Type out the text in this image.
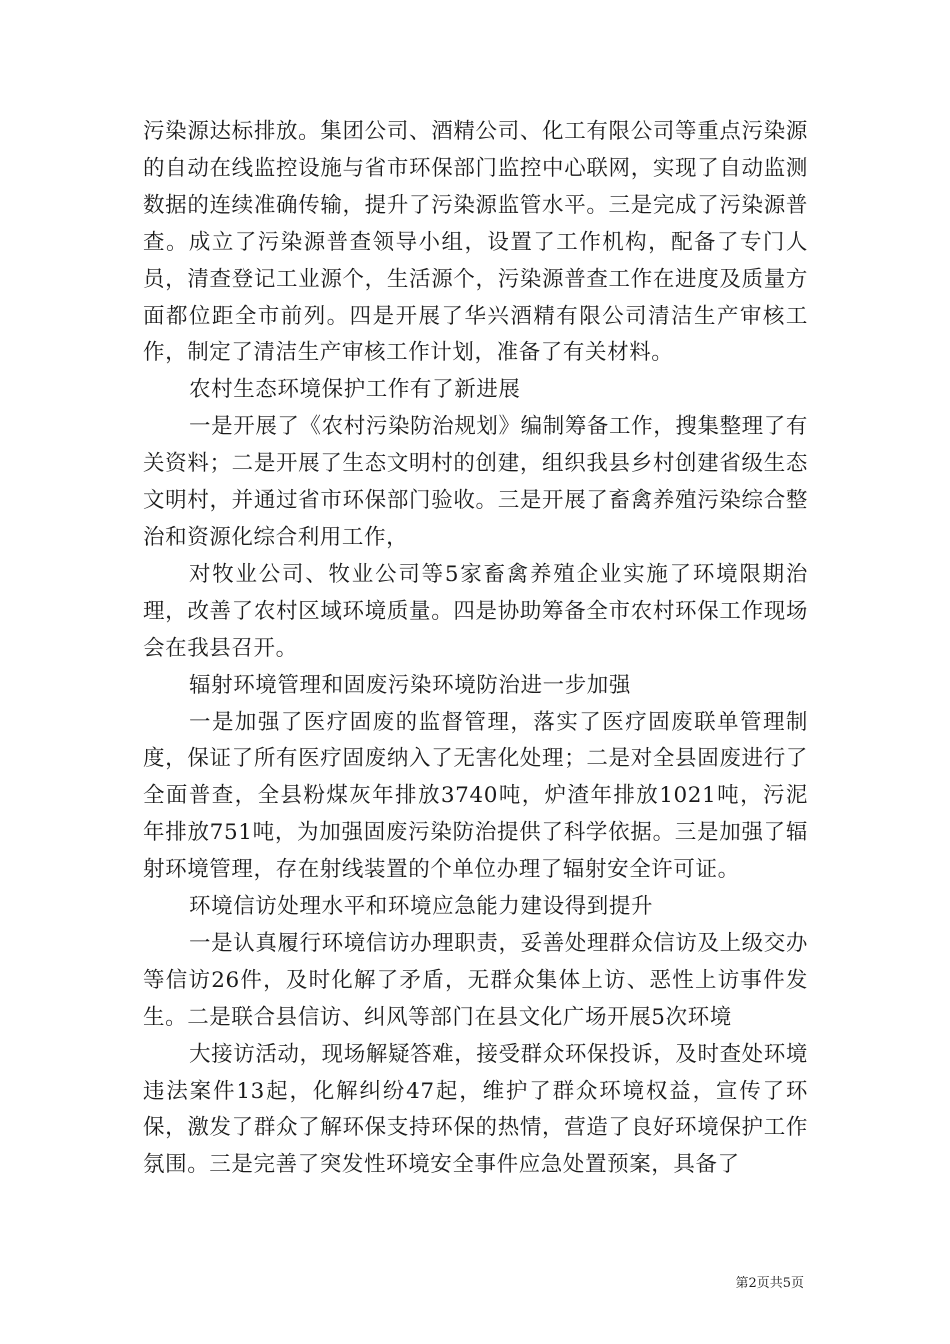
污染源达标排放。集团公司、酒精公司、化工有限公司等重点污染源的自动在线监控设施与省市环保部门监控中心联网，实现了自动监测数据的连续准确传输，提升了污染源监管水平。三是完成了污染源普查。成立了污染源普查领导小组，设置了工作机构，配备了专门人员，清查登记工业源个，生活源个，污染源普查工作在进度及质量方面都位距全市前列。四是开展了华兴酒精有限公司清洁生产审核工作，制定了清洁生产审核工作计划，准备了有关材料。

农村生态环境保护工作有了新进展

一是开展了《农村污染防治规划》编制筹备工作，搜集整理了有关资料；二是开展了生态文明村的创建，组织我县乡村创建省级生态文明村，并通过省市环保部门验收。三是开展了畜禽养殖污染综合整治和资源化综合利用工作，

对牧业公司、牧业公司等5家畜禽养殖企业实施了环境限期治理，改善了农村区域环境质量。四是协助筹备全市农村环保工作现场会在我县召开。

辐射环境管理和固废污染环境防治进一步加强

一是加强了医疗固废的监督管理，落实了医疗固废联单管理制度，保证了所有医疗固废纳入了无害化处理；二是对全县固废进行了全面普查，全县粉煤灰年排放3740吨，炉渣年排放1021吨，污泥年排放751吨，为加强固废污染防治提供了科学依据。三是加强了辐射环境管理，存在射线装置的个单位办理了辐射安全许可证。

环境信访处理水平和环境应急能力建设得到提升

一是认真履行环境信访办理职责，妥善处理群众信访及上级交办等信访26件，及时化解了矛盾，无群众集体上访、恶性上访事件发生。二是联合县信访、纠风等部门在县文化广场开展5次环境

大接访活动，现场解疑答难，接受群众环保投诉，及时查处环境违法案件13起，化解纠纷47起，维护了群众环境权益，宣传了环保，激发了群众了解环保支持环保的热情，营造了良好环境保护工作氛围。三是完善了突发性环境安全事件应急处置预案，具备了

第2页共5页
